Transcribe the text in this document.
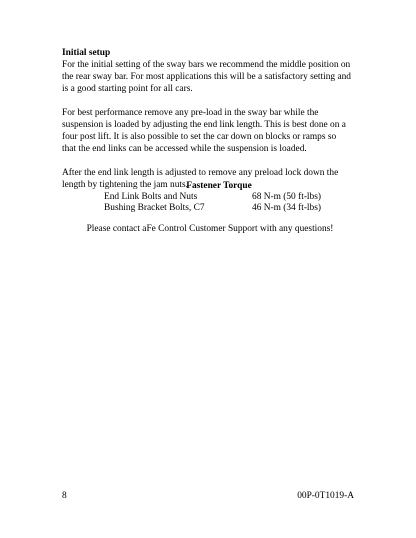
Initial setup

For the initial setting of the sway bars we recommend the middle position on the rear sway bar. For most applications this will be a satisfactory setting and is a good starting point for all cars.

For best performance remove any pre-load in the sway bar while the suspension is loaded by adjusting the end link length. This is best done on a four post lift. It is also possible to set the car down on blocks or ramps so that the end links can be accessed while the suspension is loaded.

After the end link length is adjusted to remove any preload lock down the length by tightening the jam nuts.

Fastener Torque

End Link Bolts and Nuts	68 N-m (50 ft-lbs)
Bushing Bracket Bolts, C7	46 N-m (34 ft-lbs)

Please contact aFe Control Customer Support with any questions!

8	00P-0T1019-A
